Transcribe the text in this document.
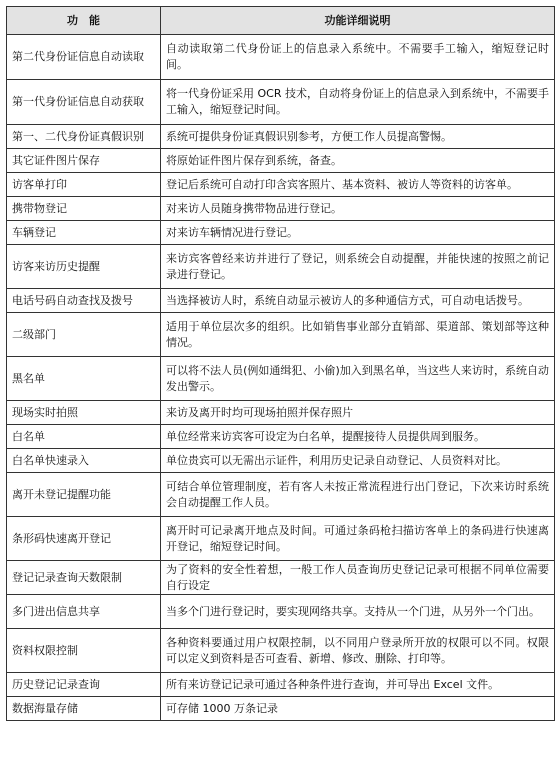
功　能	功能详细说明
第二代身份证信息自动读取	自动读取第二代身份证上的信息录入系统中。不需要手工输入，缩短登记时间。
第一代身份证信息自动获取	将一代身份证采用 OCR 技术，自动将身份证上的信息录入到系统中，不需要手工输入，缩短登记时间。
第一、二代身份证真假识别	系统可提供身份证真假识别参考，方便工作人员提高警惕。
其它证件图片保存	将原始证件图片保存到系统，备查。
访客单打印	登记后系统可自动打印含宾客照片、基本资料、被访人等资料的访客单。
携带物登记	对来访人员随身携带物品进行登记。
车辆登记	对来访车辆情况进行登记。
访客来访历史提醒	来访宾客曾经来访并进行了登记，则系统会自动提醒，并能快速的按照之前记录进行登记。
电话号码自动查找及拨号	当选择被访人时，系统自动显示被访人的多种通信方式，可自动电话拨号。
二级部门	适用于单位层次多的组织。比如销售事业部分直销部、渠道部、策划部等这种情况。
黑名单	可以将不法人员(例如通缉犯、小偷)加入到黑名单，当这些人来访时，系统自动发出警示。
现场实时拍照	来访及离开时均可现场拍照并保存照片
白名单	单位经常来访宾客可设定为白名单，提醒接待人员提供周到服务。
白名单快速录入	单位贵宾可以无需出示证件，利用历史记录自动登记、人员资料对比。
离开未登记提醒功能	可结合单位管理制度，若有客人未按正常流程进行出门登记，下次来访时系统会自动提醒工作人员。
条形码快速离开登记	离开时可记录离开地点及时间。可通过条码枪扫描访客单上的条码进行快速离开登记，缩短登记时间。
登记记录查询天数限制	为了资料的安全性着想，一般工作人员查询历史登记记录可根据不同单位需要自行设定
多门进出信息共享	当多个门进行登记时，要实现网络共享。支持从一个门进，从另外一个门出。
资料权限控制	各种资料要通过用户权限控制，以不同用户登录所开放的权限可以不同。权限可以定义到资料是否可查看、新增、修改、删除、打印等。
历史登记记录查询	所有来访登记记录可通过各种条件进行查询，并可导出 Excel 文件。
数据海量存储	可存储 1000 万条记录
